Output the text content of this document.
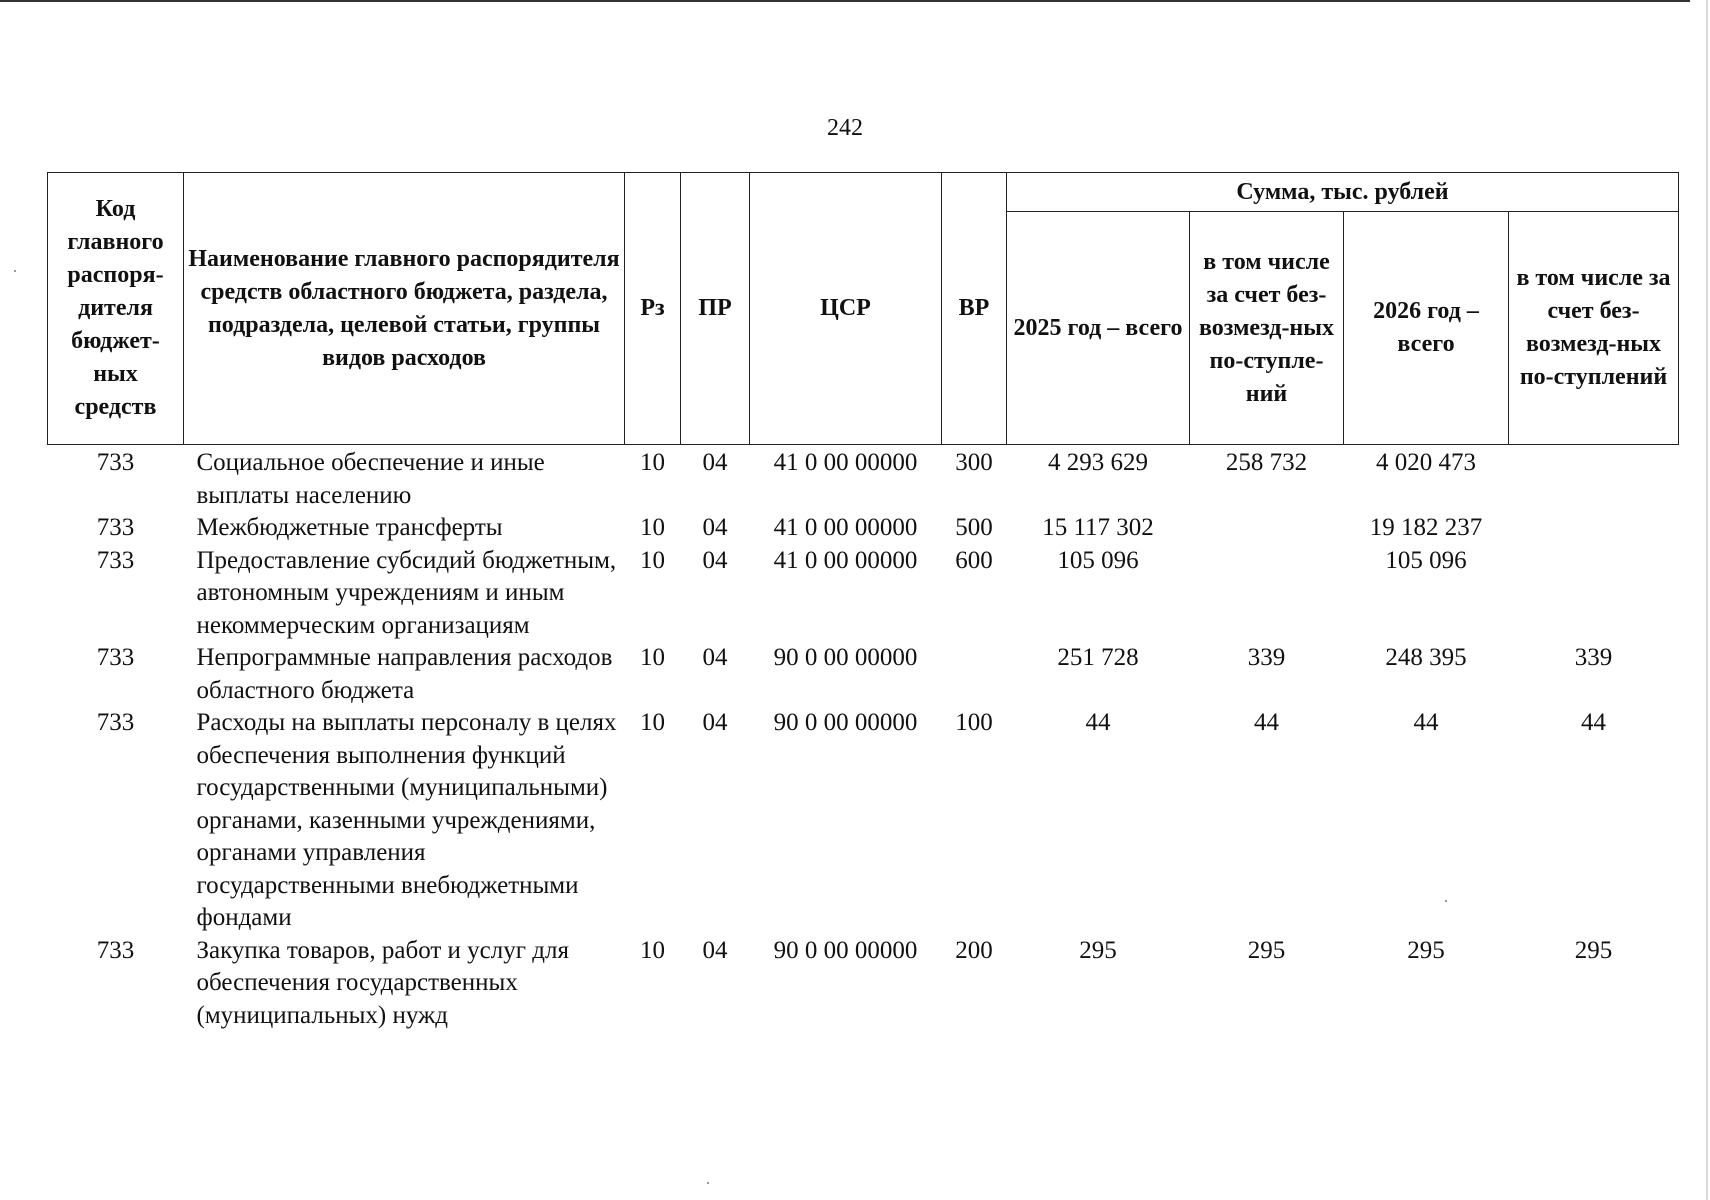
242
Код главного распоря-дителя бюджет-ных средств	Наименование главного распорядителя средств областного бюджета, раздела, подраздела, целевой статьи, группы видов расходов	Рз	ПР	ЦСР	ВР	Сумма, тыс. рублей			
						2025 год – всего	в том числе за счет без-возмезд-ных по-ступле-ний	2026 год – всего	в том числе за счет без-возмезд-ных по-ступлений
733	Социальное обеспечение и иные выплаты населению	10	04	41 0 00 00000	300	4 293 629	258 732	4 020 473	
733	Межбюджетные трансферты	10	04	41 0 00 00000	500	15 117 302		19 182 237	
733	Предоставление субсидий бюджетным, автономным учреждениям и иным некоммерческим организациям	10	04	41 0 00 00000	600	105 096		105 096	
733	Непрограммные направления расходов областного бюджета	10	04	90 0 00 00000		251 728	339	248 395	339
733	Расходы на выплаты персоналу в целях обеспечения выполнения функций государственными (муниципальными) органами, казенными учреждениями, органами управления государственными внебюджетными фондами	10	04	90 0 00 00000	100	44	44	44	44
733	Закупка товаров, работ и услуг для обеспечения государственных (муниципальных) нужд	10	04	90 0 00 00000	200	295	295	295	295
